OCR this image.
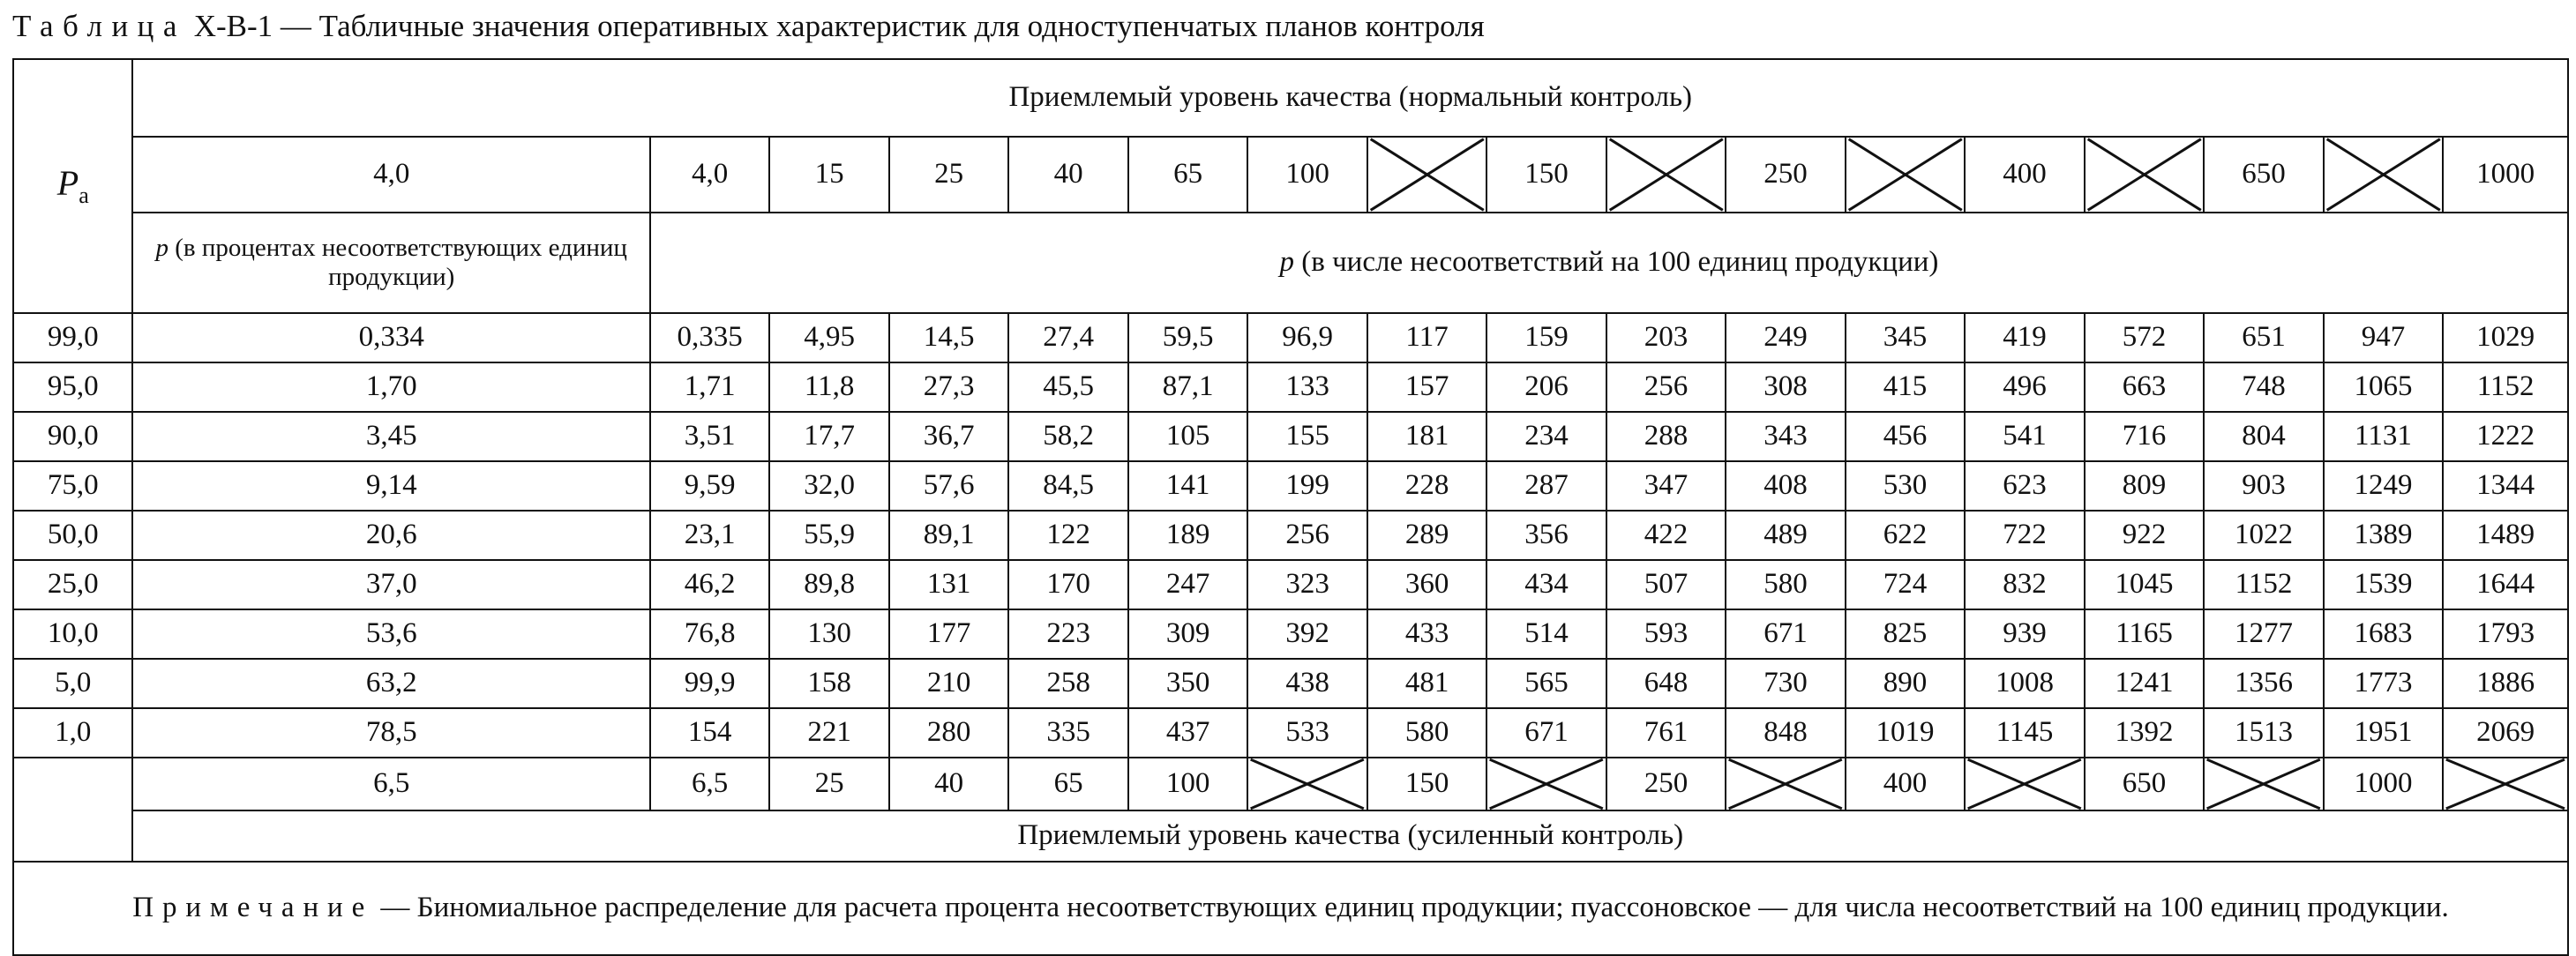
Таблица X-B-1 — Табличные значения оперативных характеристик для одноступенчатых планов контроля
$P_a$	Приемлемый уровень качества (нормальный контроль)																
	4,0	4,0	15	25	40	65	100		150		250		400		650		1000
	p (в процентах несоответствующих единиц продукции)	p (в числе несоответствий на 100 единиц продукции)															
99,0	0,334	0,335	4,95	14,5	27,4	59,5	96,9	117	159	203	249	345	419	572	651	947	1029
95,0	1,70	1,71	11,8	27,3	45,5	87,1	133	157	206	256	308	415	496	663	748	1065	1152
90,0	3,45	3,51	17,7	36,7	58,2	105	155	181	234	288	343	456	541	716	804	1131	1222
75,0	9,14	9,59	32,0	57,6	84,5	141	199	228	287	347	408	530	623	809	903	1249	1344
50,0	20,6	23,1	55,9	89,1	122	189	256	289	356	422	489	622	722	922	1022	1389	1489
25,0	37,0	46,2	89,8	131	170	247	323	360	434	507	580	724	832	1045	1152	1539	1644
10,0	53,6	76,8	130	177	223	309	392	433	514	593	671	825	939	1165	1277	1683	1793
5,0	63,2	99,9	158	210	258	350	438	481	565	648	730	890	1008	1241	1356	1773	1886
1,0	78,5	154	221	280	335	437	533	580	671	761	848	1019	1145	1392	1513	1951	2069
	6,5	6,5	25	40	65	100		150		250		400		650		1000	

	Приемлемый уровень качества (усиленный контроль)																
Примечание — Биномиальное распределение для расчета процента несоответствующих единиц продукции; пуассоновское — для числа несоответствий на 100 единиц продукции.																	
